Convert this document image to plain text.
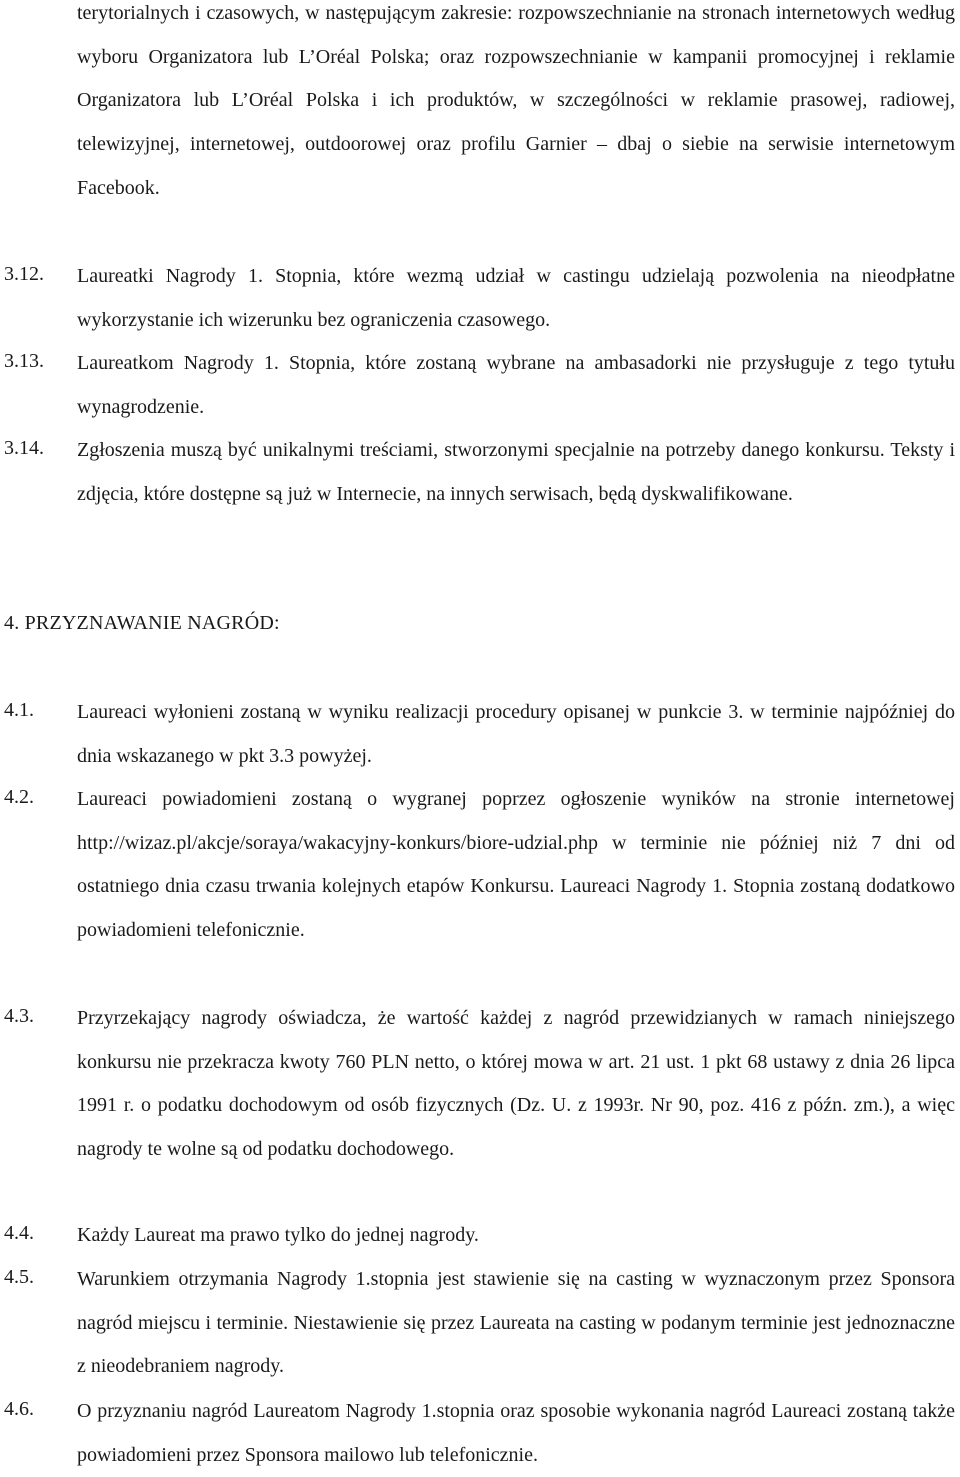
terytorialnych i czasowych, w następującym zakresie: rozpowszechnianie na stronach internetowych według wyboru Organizatora lub L’Oréal Polska; oraz rozpowszechnianie w kampanii promocyjnej i reklamie Organizatora lub L’Oréal Polska i ich produktów, w szczególności w reklamie prasowej, radiowej, telewizyjnej, internetowej, outdoorowej oraz profilu Garnier – dbaj o siebie na serwisie internetowym Facebook.

3.12. Laureatki Nagrody 1. Stopnia, które wezmą udział w castingu udzielają pozwolenia na nieodpłatne wykorzystanie ich wizerunku bez ograniczenia czasowego.

3.13. Laureatkom Nagrody 1. Stopnia, które zostaną wybrane na ambasadorki nie przysługuje z tego tytułu wynagrodzenie.

3.14. Zgłoszenia muszą być unikalnymi treściami, stworzonymi specjalnie na potrzeby danego konkursu. Teksty i zdjęcia, które dostępne są już w Internecie, na innych serwisach, będą dyskwalifikowane.

4. PRZYZNAWANIE NAGRÓD:
4.1. Laureaci wyłonieni zostaną w wyniku realizacji procedury opisanej w punkcie 3. w terminie najpóźniej do dnia wskazanego w pkt 3.3 powyżej.

4.2. Laureaci powiadomieni zostaną o wygranej poprzez ogłoszenie wyników na stronie internetowej http://wizaz.pl/akcje/soraya/wakacyjny-konkurs/biore-udzial.php w terminie nie później niż 7 dni od ostatniego dnia czasu trwania kolejnych etapów Konkursu. Laureaci Nagrody 1. Stopnia zostaną dodatkowo powiadomieni telefonicznie.

4.3. Przyrzekający nagrody oświadcza, że wartość każdej z nagród przewidzianych w ramach niniejszego konkursu nie przekracza kwoty 760 PLN netto, o której mowa w art. 21 ust. 1 pkt 68 ustawy z dnia 26 lipca 1991 r. o podatku dochodowym od osób fizycznych (Dz. U. z 1993r. Nr 90, poz. 416 z późn. zm.), a więc nagrody te wolne są od podatku dochodowego.

4.4. Każdy Laureat ma prawo tylko do jednej nagrody.

4.5. Warunkiem otrzymania Nagrody 1.stopnia jest stawienie się na casting w wyznaczonym przez Sponsora nagród miejscu i terminie. Niestawienie się przez Laureata na casting w podanym terminie jest jednoznaczne z nieodebraniem nagrody.

4.6. O przyznaniu nagród Laureatom Nagrody 1.stopnia oraz sposobie wykonania nagród Laureaci zostaną także powiadomieni przez Sponsora mailowo lub telefonicznie.
